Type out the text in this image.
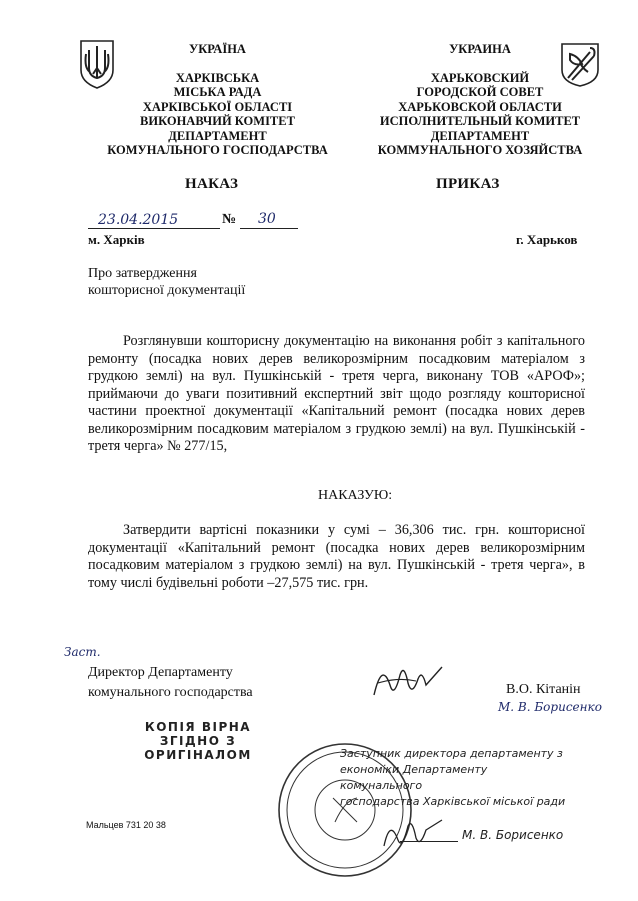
УКРАЇНА
ХАРКІВСЬКА
МІСЬКА РАДА
ХАРКІВСЬКОЇ ОБЛАСТІ
ВИКОНАВЧИЙ КОМІТЕТ
ДЕПАРТАМЕНТ
КОМУНАЛЬНОГО ГОСПОДАРСТВА
УКРАИНА
ХАРЬКОВСКИЙ
ГОРОДСКОЙ СОВЕТ
ХАРЬКОВСКОЙ ОБЛАСТИ
ИСПОЛНИТЕЛЬНЫЙ КОМИТЕТ
ДЕПАРТАМЕНТ
КОММУНАЛЬНОГО ХОЗЯЙСТВА
НАКАЗ	ПРИКАЗ
23.04.2015	№ 30
м. Харків	г. Харьков
Про затвердження
кошторисної документації
Розглянувши кошторисну документацію на виконання робіт з капітального ремонту (посадка нових дерев великорозмірним посадковим матеріалом з грудкою землі) на вул. Пушкінській - третя черга, виконану ТОВ «АРОФ»; приймаючи до уваги позитивний експертний звіт щодо розгляду кошторисної частини проектної документації «Капітальний ремонт (посадка нових дерев великорозмірним посадковим матеріалом з грудкою землі) на вул. Пушкінській - третя черга» № 277/15,
НАКАЗУЮ:
Затвердити вартісні показники у сумі – 36,306 тис. грн. кошторисної документації «Капітальний ремонт (посадка нових дерев великорозмірним посадковим матеріалом з грудкою землі) на вул. Пушкінській - третя черга», в тому числі будівельні роботи –27,575 тис. грн.
Заст.
Директор Департаменту
комунального господарства	В.О. Кітанін
М. В. Борисенко
КОПІЯ ВІРНА
ЗГІДНО З
ОРИГІНАЛОМ	Заступник директора департаменту з
економіки Департаменту комунального
господарства Харківської міської ради
М. В. Борисенко
Мальцев 731 20 38
